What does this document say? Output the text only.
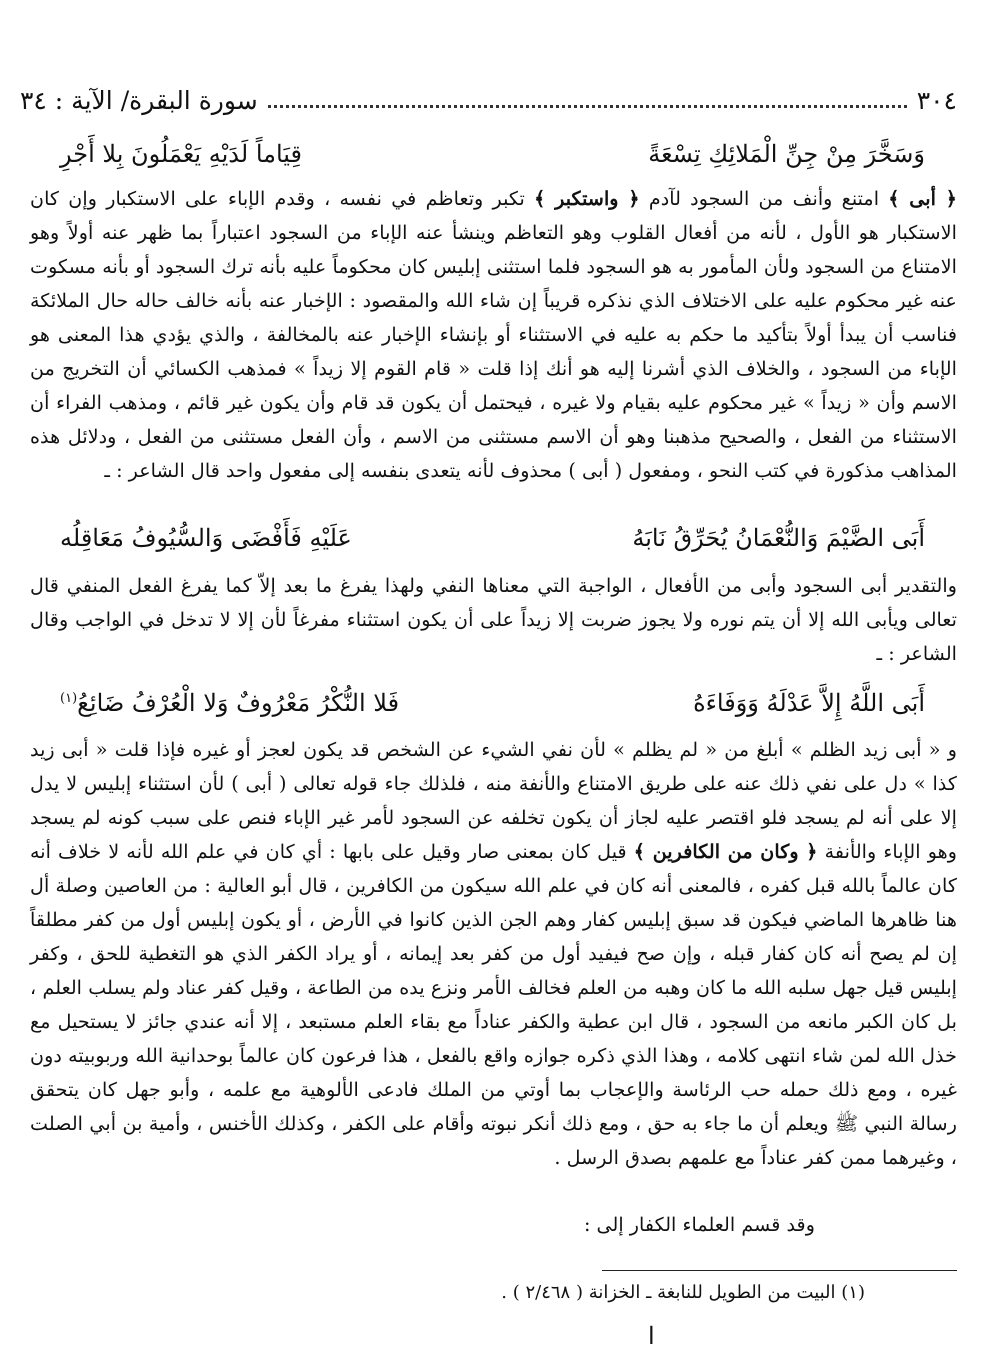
٣٠٤
سورة البقرة/ الآية : ٣٤
وَسَخَّرَ مِنْ جِنِّ الْمَلائِكِ تِسْعَةً
قِيَاماً لَدَيْهِ يَعْمَلُونَ بِلا أَجْرِ

﴿ أبى ﴾ امتنع وأنف من السجود لآدم ﴿ واستكبر ﴾ تكبر وتعاظم في نفسه ، وقدم الإباء على الاستكبار وإن كان الاستكبار هو الأول ، لأنه من أفعال القلوب وهو التعاظم وينشأ عنه الإباء من السجود اعتباراً بما ظهر عنه أولاً وهو الامتناع من السجود ولأن المأمور به هو السجود فلما استثنى إبليس كان محكوماً عليه بأنه ترك السجود أو بأنه مسكوت عنه غير محكوم عليه على الاختلاف الذي نذكره قريباً إن شاء الله والمقصود : الإخبار عنه بأنه خالف حاله حال الملائكة فناسب أن يبدأ أولاً بتأكيد ما حكم به عليه في الاستثناء أو بإنشاء الإخبار عنه بالمخالفة ، والذي يؤدي هذا المعنى هو الإباء من السجود ، والخلاف الذي أشرنا إليه هو أنك إذا قلت « قام القوم إلا زيداً » فمذهب الكسائي أن التخريج من الاسم وأن « زيداً » غير محكوم عليه بقيام ولا غيره ، فيحتمل أن يكون قد قام وأن يكون غير قائم ، ومذهب الفراء أن الاستثناء من الفعل ، والصحيح مذهبنا وهو أن الاسم مستثنى من الاسم ، وأن الفعل مستثنى من الفعل ، ودلائل هذه المذاهب مذكورة في كتب النحو ، ومفعول ( أبى ) محذوف لأنه يتعدى بنفسه إلى مفعول واحد قال الشاعر : ـ

أَبَى الضَّيْمَ وَالنُّعْمَانُ يُحَرِّقُ نَابَهُ
عَلَيْهِ فَأَفْضَى وَالسُّيُوفُ مَعَاقِلُه

والتقدير أبى السجود وأبى من الأفعال ، الواجبة التي معناها النفي ولهذا يفرغ ما بعد إلاّ كما يفرغ الفعل المنفي قال تعالى ويأبى الله إلا أن يتم نوره ولا يجوز ضربت إلا زيداً على أن يكون استثناء مفرغاً لأن إلا لا تدخل في الواجب وقال الشاعر : ـ

أَبَى اللَّهُ إِلاَّ عَدْلَهُ وَوَفَاءَهُ
فَلا النُّكْرُ مَعْرُوفٌ وَلا الْعُرْفُ ضَائِعُ$^{(١)}$

و « أبى زيد الظلم » أبلغ من « لم يظلم » لأن نفي الشيء عن الشخص قد يكون لعجز أو غيره فإذا قلت « أبى زيد كذا » دل على نفي ذلك عنه على طريق الامتناع والأنفة منه ، فلذلك جاء قوله تعالى ( أبى ) لأن استثناء إبليس لا يدل إلا على أنه لم يسجد فلو اقتصر عليه لجاز أن يكون تخلفه عن السجود لأمر غير الإباء فنص على سبب كونه لم يسجد وهو الإباء والأنفة ﴿ وكان من الكافرين ﴾ قيل كان بمعنى صار وقيل على بابها : أي كان في علم الله لأنه لا خلاف أنه كان عالماً بالله قبل كفره ، فالمعنى أنه كان في علم الله سيكون من الكافرين ، قال أبو العالية : من العاصين وصلة أل هنا ظاهرها الماضي فيكون قد سبق إبليس كفار وهم الجن الذين كانوا في الأرض ، أو يكون إبليس أول من كفر مطلقاً إن لم يصح أنه كان كفار قبله ، وإن صح فيفيد أول من كفر بعد إيمانه ، أو يراد الكفر الذي هو التغطية للحق ، وكفر إبليس قيل جهل سلبه الله ما كان وهبه من العلم فخالف الأمر ونزع يده من الطاعة ، وقيل كفر عناد ولم يسلب العلم ، بل كان الكبر مانعه من السجود ، قال ابن عطية والكفر عناداً مع بقاء العلم مستبعد ، إلا أنه عندي جائز لا يستحيل مع خذل الله لمن شاء انتهى كلامه ، وهذا الذي ذكره جوازه واقع بالفعل ، هذا فرعون كان عالماً بوحدانية الله وربوبيته دون غيره ، ومع ذلك حمله حب الرئاسة والإعجاب بما أوتي من الملك فادعى الألوهية مع علمه ، وأبو جهل كان يتحقق رسالة النبي ﷺ ويعلم أن ما جاء به حق ، ومع ذلك أنكر نبوته وأقام على الكفر ، وكذلك الأخنس ، وأمية بن أبي الصلت ، وغيرهما ممن كفر عناداً مع علمهم بصدق الرسل .

وقد قسم العلماء الكفار إلى :

(١) البيت من الطويل للنابغة ـ الخزانة ( ٢/٤٦٨ ) .
ا
